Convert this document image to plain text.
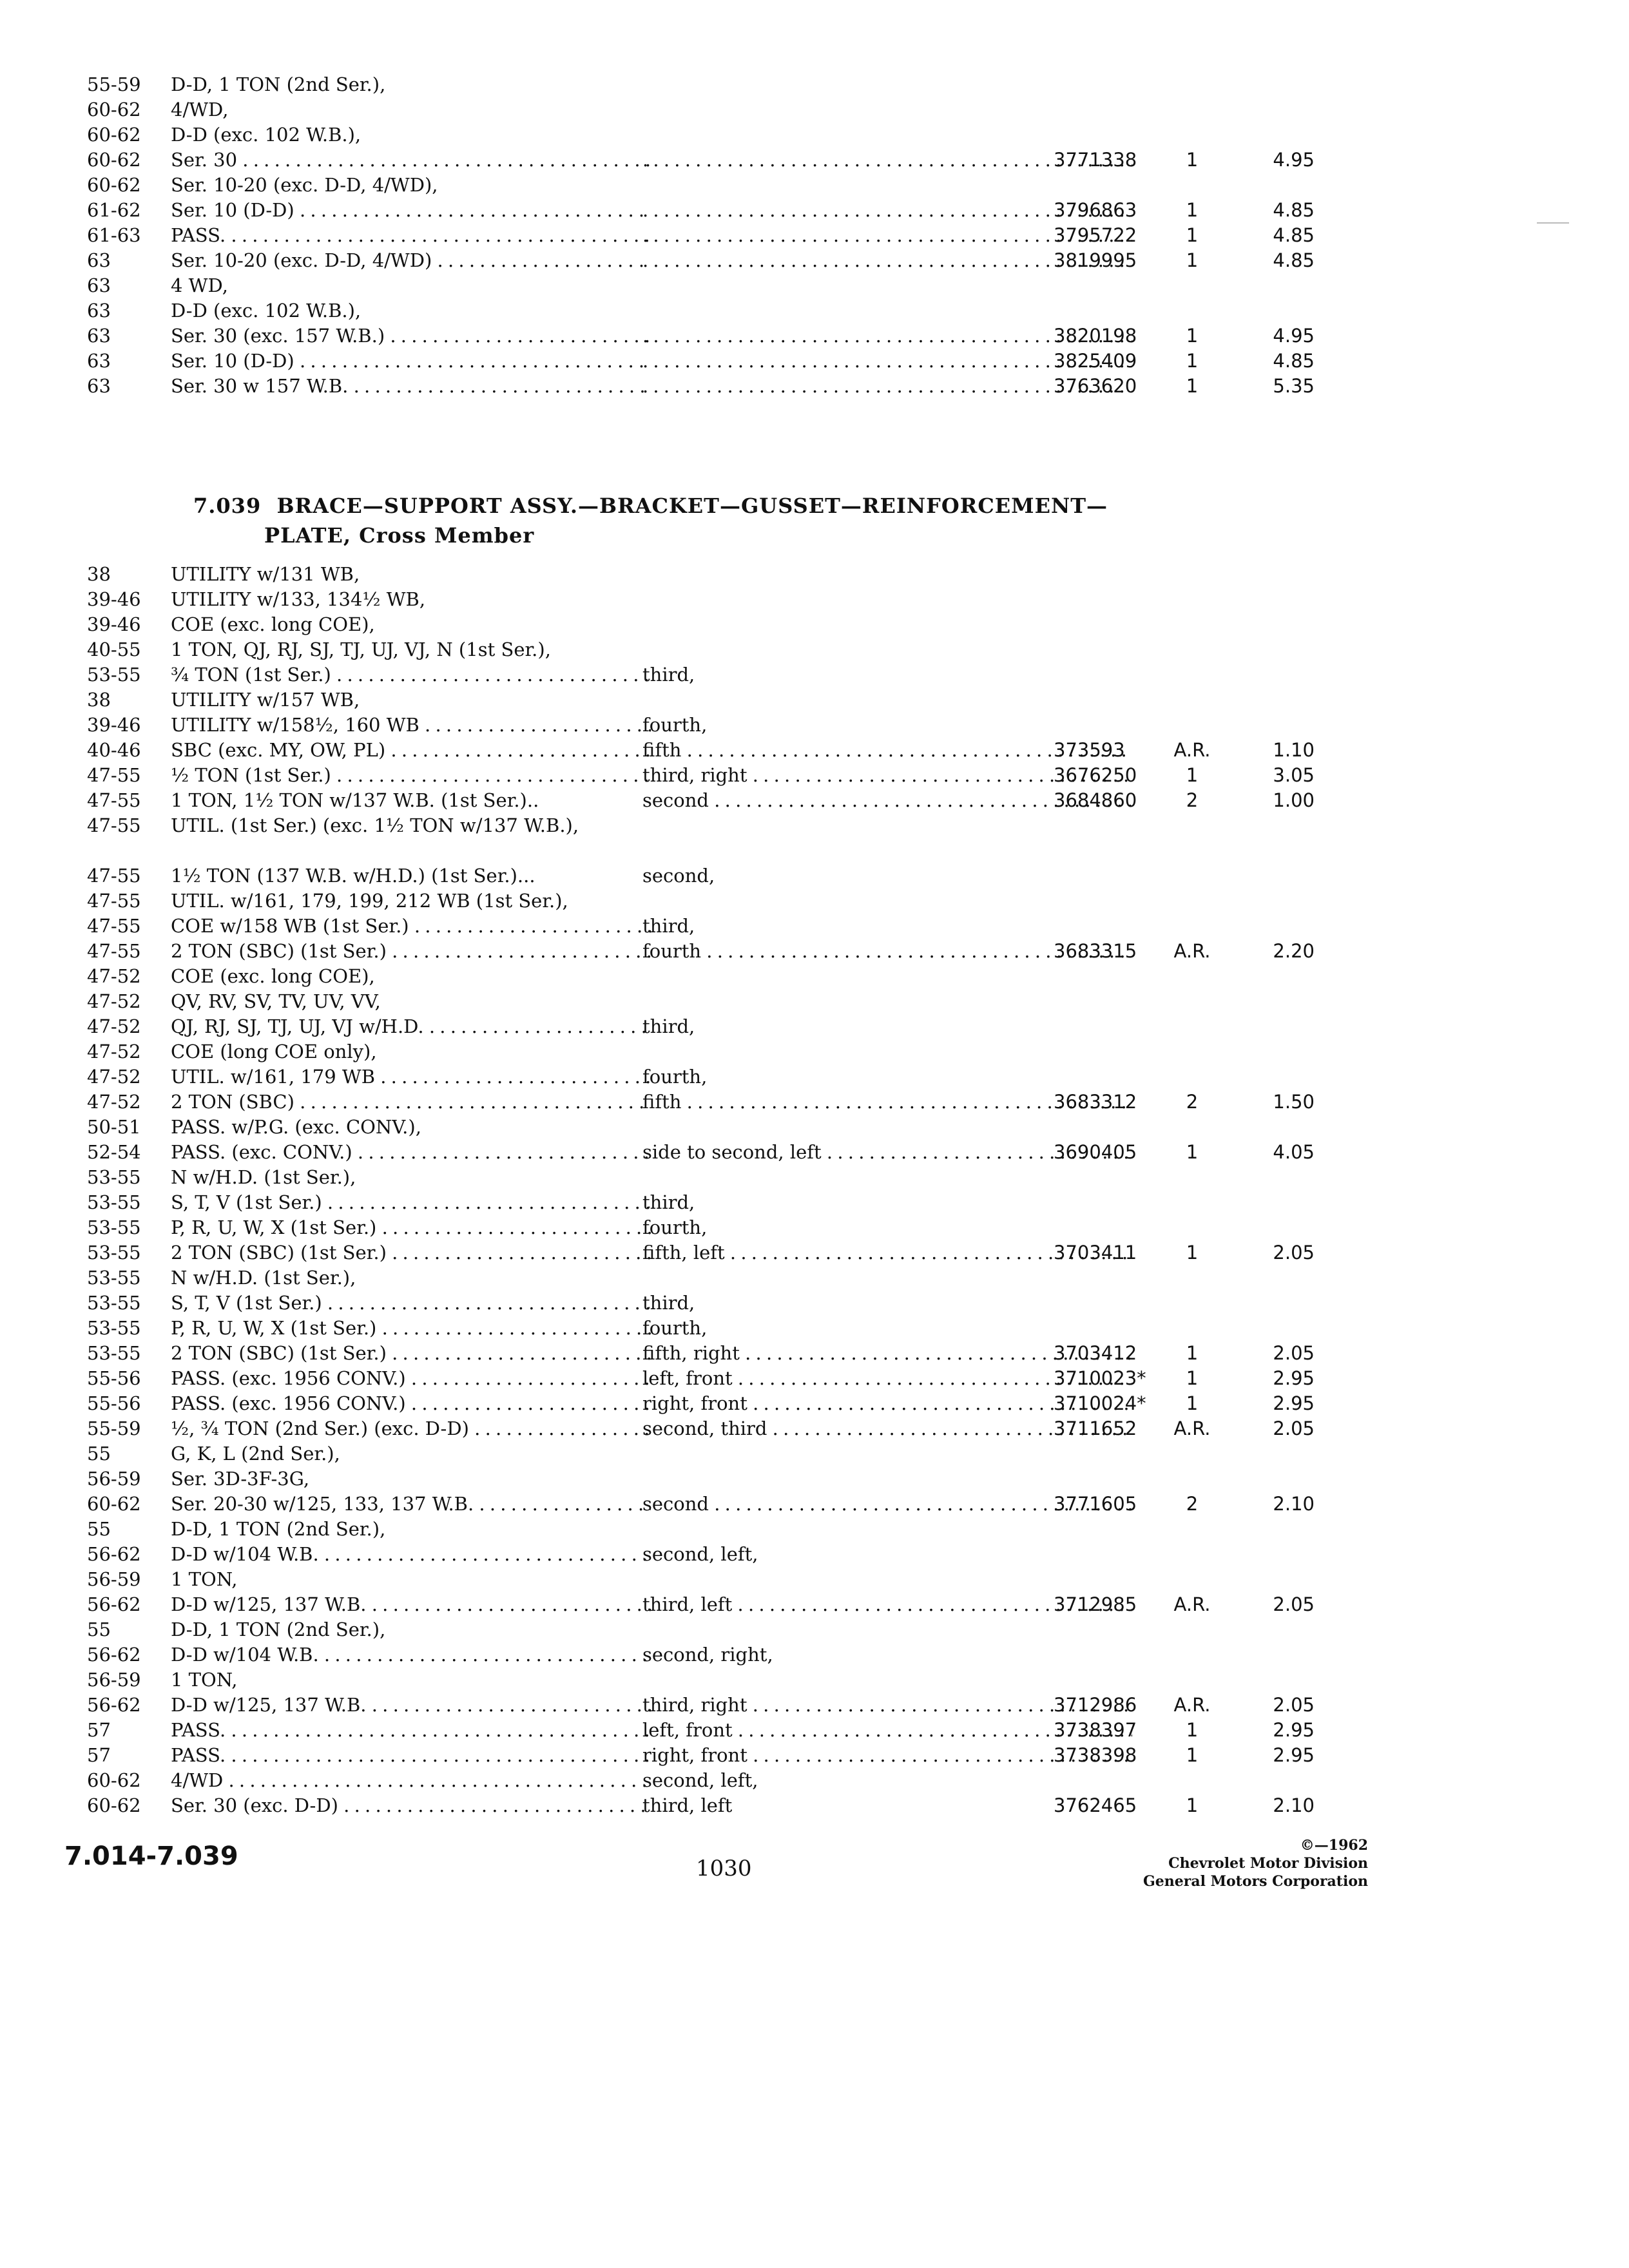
55-59 D-D, 1 TON (2nd Ser.),
60-62 4/WD,
60-62 D-D (exc. 102 W.B.),
60-62 Ser. 30 . . . . . .	3771338	1	4.95
60-62 Ser. 10-20 (exc. D-D, 4/WD),
61-62 Ser. 10 (D-D) . . . . . .	3796863	1	4.85
61-63 PASS. . . . . . .	3795722	1	4.85
63	Ser. 10-20 (exc. D-D, 4/WD) . . . . . .	3819995	1	4.85
63	4 WD,
63	D-D (exc. 102 W.B.),
63	Ser. 30 (exc. 157 W.B.) . . . . . .	3820198	1	4.95
63	Ser. 10 (D-D) . . . . . .	3825409	1	4.85
63	Ser. 30 w 157 W.B. . . . . . .	3763620	1	5.35
7.039 BRACE—SUPPORT ASSY.—BRACKET—GUSSET—REINFORCEMENT—
PLATE, Cross Member
38	UTILITY w/131 WB,
39-46 UTILITY w/133, 134½ WB,
39-46 COE (exc. long COE),
40-55 1 TON, QJ, RJ, SJ, TJ, UJ, VJ, N (1st Ser.),
53-55 ¾ TON (1st Ser.) . . .	third,
38	UTILITY w/157 WB,
39-46 UTILITY w/158½, 160 WB . . .	fourth,
40-46 SBC (exc. MY, OW, PL) . . .	fifth . . .	373593	A.R.	1.10
47-55 ½ TON (1st Ser.) . . .	third, right . . .	3676250	1	3.05
47-55 1 TON, 1½ TON w/137 W.B. (1st Ser.)..	second . . .	3684860	2	1.00
47-55 UTIL. (1st Ser.) (exc. 1½ TON w/137 W.B.),
47-55 1½ TON (137 W.B. w/H.D.) (1st Ser.)...	second,
47-55 UTIL. w/161, 179, 199, 212 WB (1st Ser.),
47-55 COE w/158 WB (1st Ser.) . . .	third,
47-55 2 TON (SBC) (1st Ser.) . . .	fourth . . .	3683315	A.R.	2.20
47-52 COE (exc. long COE),
47-52 QV, RV, SV, TV, UV, VV,
47-52 QJ, RJ, SJ, TJ, UJ, VJ w/H.D. . . .	third,
47-52 COE (long COE only),
47-52 UTIL. w/161, 179 WB . . .	fourth,
47-52 2 TON (SBC) . . .	fifth . . .	3683312	2	1.50
50-51 PASS. w/P.G. (exc. CONV.),
52-54 PASS. (exc. CONV.) . . .	side to second, left . . .	3690405	1	4.05
53-55 N w/H.D. (1st Ser.),
53-55 S, T, V (1st Ser.) . . .	third,
53-55 P, R, U, W, X (1st Ser.) . . .	fourth,
53-55 2 TON (SBC) (1st Ser.) . . .	fifth, left . . .	3703411	1	2.05
53-55 N w/H.D. (1st Ser.),
53-55 S, T, V (1st Ser.) . . .	third,
53-55 P, R, U, W, X (1st Ser.) . . .	fourth,
53-55 2 TON (SBC) (1st Ser.) . . .	fifth, right . . .	3703412	1	2.05
55-56 PASS. (exc. 1956 CONV.) . . .	left, front . . .	3710023*	1	2.95
55-56 PASS. (exc. 1956 CONV.) . . .	right, front . . .	3710024*	1	2.95
55-59 ½, ¾ TON (2nd Ser.) (exc. D-D) . . .	second, third . . .	3711652	A.R.	2.05
55	G, K, L (2nd Ser.),
56-59 Ser. 3D-3F-3G,
60-62 Ser. 20-30 w/125, 133, 137 W.B. . . .	second . . .	3771605	2	2.10
55	D-D, 1 TON (2nd Ser.),
56-62 D-D w/104 W.B. . . .	second, left,
56-59 1 TON,
56-62 D-D w/125, 137 W.B. . . .	third, left . . .	3712985	A.R.	2.05
55	D-D, 1 TON (2nd Ser.),
56-62 D-D w/104 W.B. . . .	second, right,
56-59 1 TON,
56-62 D-D w/125, 137 W.B. . . .	third, right . . .	3712986	A.R.	2.05
57	PASS. . . .	left, front . . .	3738397	1	2.95
57	PASS. . . .	right, front . . .	3738398	1	2.95
60-62 4/WD . . .	second, left,
60-62 Ser. 30 (exc. D-D) . . .	third, left	3762465	1	2.10
7.014-7.039	1030
©—1962
Chevrolet Motor Division
General Motors Corporation
